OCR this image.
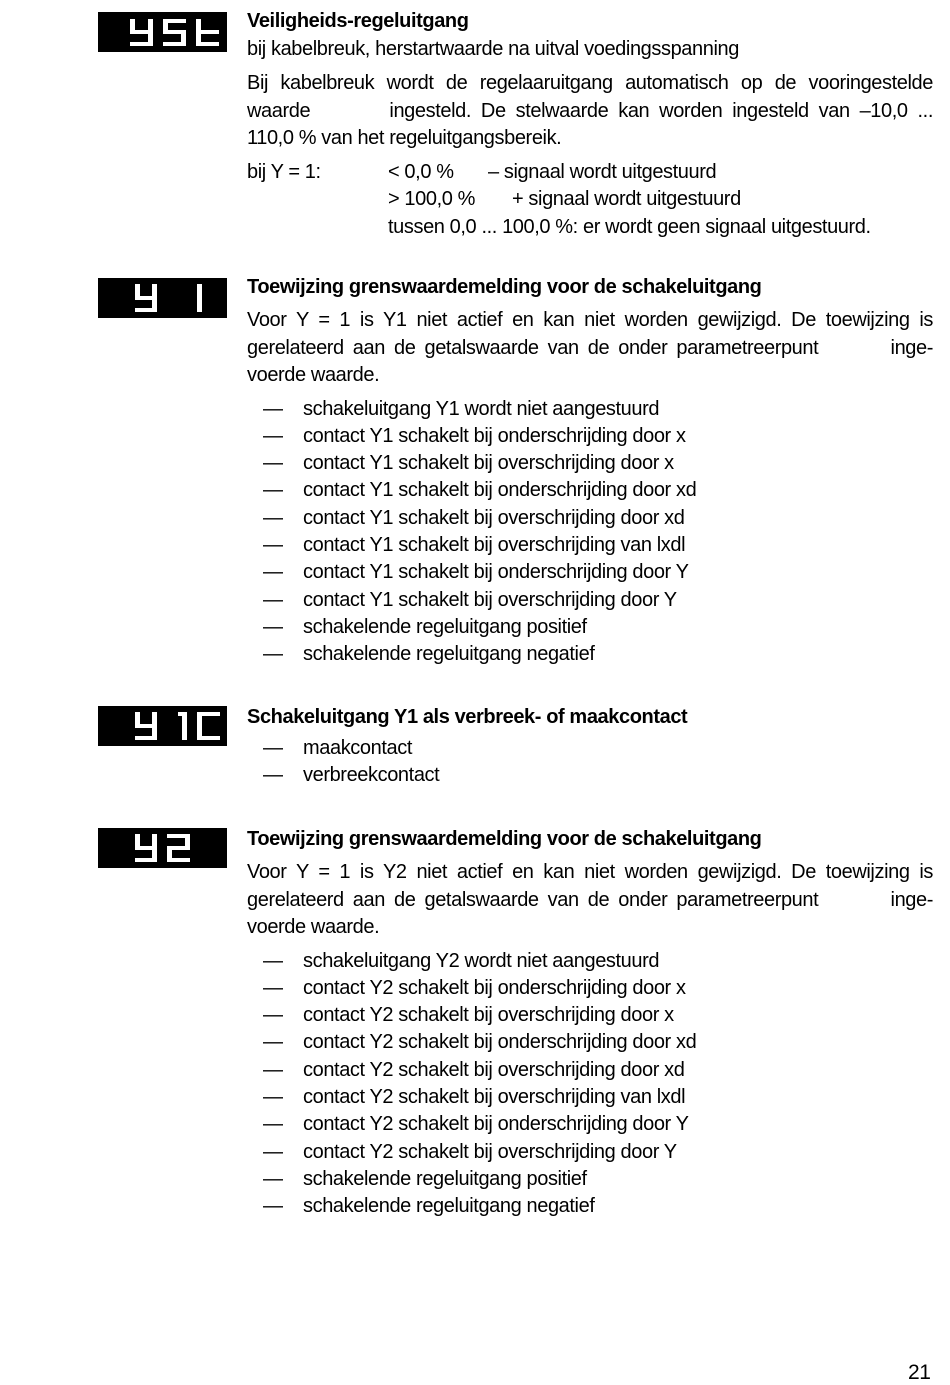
Veiligheids-regeluitgang
bij kabelbreuk, herstartwaarde na uitval voedingsspanning
Bij kabelbreuk wordt de regelaaruitgang automatisch op de vooringestelde
waarde        ingesteld. De stelwaarde kan worden ingesteld van –10,0 ...
110,0 % van het regeluitgangsbereik.
bij Y = 1:	< 0,0 % – signaal wordt uitgestuurd
> 100,0 % + signaal wordt uitgestuurd
tussen 0,0 ... 100,0 %: er wordt geen signaal uitgestuurd.
Toewijzing grenswaardemelding voor de schakeluitgang
Voor Y = 1 is Y1 niet actief en kan niet worden gewijzigd. De toewijzing is
gerelateerd aan de getalswaarde van de onder parametreerpunt        inge-
voerde waarde.
— schakeluitgang Y1 wordt niet aangestuurd
— contact Y1 schakelt bij onderschrijding door x
— contact Y1 schakelt bij overschrijding door x
— contact Y1 schakelt bij onderschrijding door xd
— contact Y1 schakelt bij overschrijding door xd
— contact Y1 schakelt bij overschrijding van lxdl
— contact Y1 schakelt bij onderschrijding door Y
— contact Y1 schakelt bij overschrijding door Y
— schakelende regeluitgang positief
— schakelende regeluitgang negatief
Schakeluitgang Y1 als verbreek- of maakcontact
— maakcontact
— verbreekcontact
Toewijzing grenswaardemelding voor de schakeluitgang
Voor Y = 1 is Y2 niet actief en kan niet worden gewijzigd. De toewijzing is
gerelateerd aan de getalswaarde van de onder parametreerpunt        inge-
voerde waarde.
— schakeluitgang Y2 wordt niet aangestuurd
— contact Y2 schakelt bij onderschrijding door x
— contact Y2 schakelt bij overschrijding door x
— contact Y2 schakelt bij onderschrijding door xd
— contact Y2 schakelt bij overschrijding door xd
— contact Y2 schakelt bij overschrijding van lxdl
— contact Y2 schakelt bij onderschrijding door Y
— contact Y2 schakelt bij overschrijding door Y
— schakelende regeluitgang positief
— schakelende regeluitgang negatief
21
